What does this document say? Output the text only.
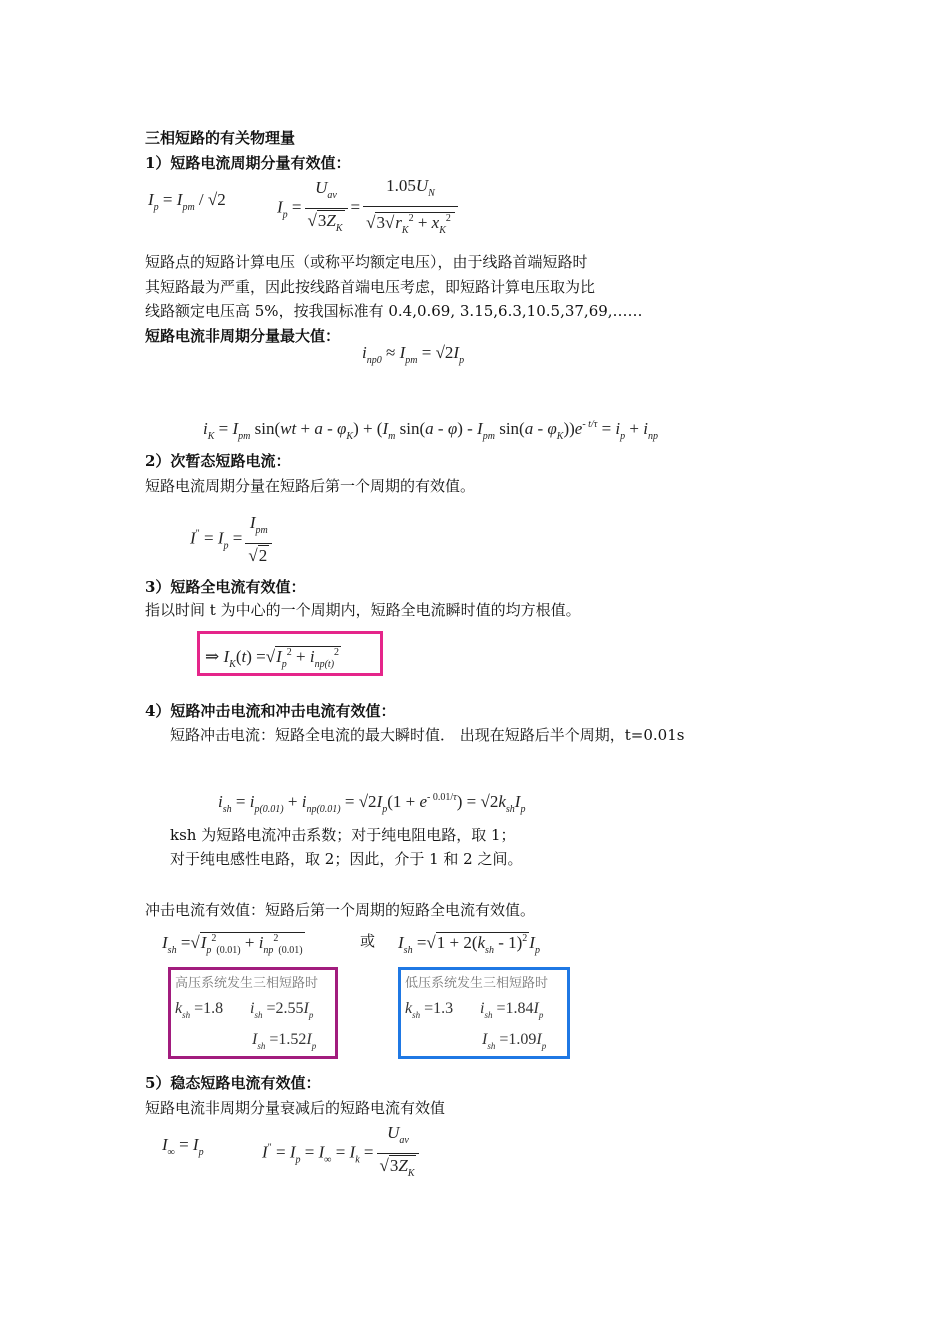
三相短路的有关物理量
1）短路电流周期分量有效值：
$I_p = I_{pm} / √2$	$I_p = \frac{U_{av}}{√3Z_K} = \frac{1.05U_N}{√3√r_K^2 + x_K^2}$
短路点的短路计算电压（或称平均额定电压），由于线路首端短路时
其短路最为严重，因此按线路首端电压考虑，即短路计算电压取为比
线路额定电压高 5%，按我国标准有 0.4,0.69, 3.15,6.3,10.5,37,69,……
短路电流非周期分量最大值：
$i_{np0} \approx I_{pm} = √2I_p$
$i_K = I_{pm}$ $\sin(wt + a - \varphi_K) + (I_m$ $\sin(a - \varphi) - I_{pm}$ $\sin(a - \varphi_K))e^{- t/\tau} = i_p + i_{np}$
2）次暂态短路电流：
短路电流周期分量在短路后第一个周期的有效值。
$I^" = I_p = \frac{I_{pm}}{√2}$
3）短路全电流有效值：
指以时间 t 为中心的一个周期内，短路全电流瞬时值的均方根值。
⇒ $I_K(t) =√I_p^2 + i_{np(t)}^2$
4）短路冲击电流和冲击电流有效值：
短路冲击电流：短路全电流的最大瞬时值． 出现在短路后半个周期，t=0.01s
$i_{sh} = i_{p(0.01)} + i_{np(0.01)} = √2I_p(1 + e^{- 0.01/\tau}) = √2k_{sh}I_p$
ksh 为短路电流冲击系数；对于纯电阻电路，取 1；
对于纯电感性电路，取 2；因此，介于 1 和 2 之间。
冲击电流有效值：短路后第一个周期的短路全电流有效值。
$I_{sh} =√I_p^2_{(0.01)} + i_{np}^2_{(0.01)}$
或 $I_{sh} =√1 + 2(k_{sh} - 1)^2$ $I_p$
高压系统发生三相短路时
$k_{sh} =1.8$ $i_{sh} =2.55I_p$
$I_{sh} =1.52I_p$
低压系统发生三相短路时
$k_{sh} =1.3$ $i_{sh} =1.84I_p$
$I_{sh} =1.09I_p$
5）稳态短路电流有效值：
短路电流非周期分量衰减后的短路电流有效值
$I_\infty = I_p$	$I^" = I_p = I_\infty = I_k = \frac{U_{av}}{√3Z_K}$
